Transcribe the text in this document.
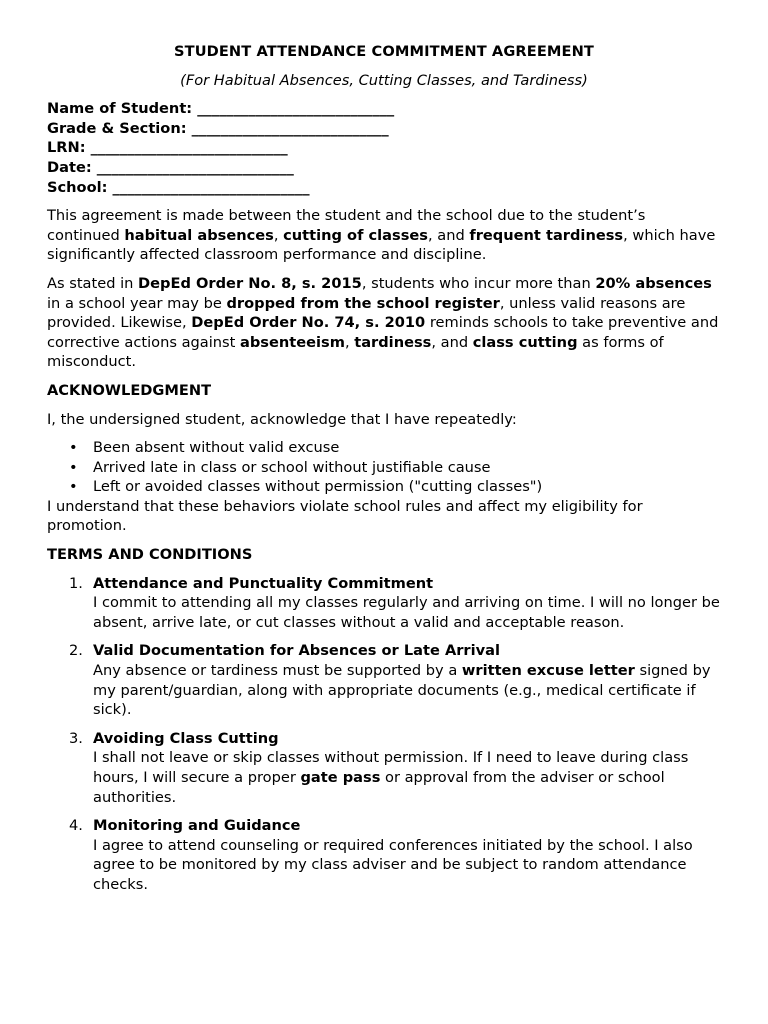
STUDENT ATTENDANCE COMMITMENT AGREEMENT
(For Habitual Absences, Cutting Classes, and Tardiness)
Name of Student: ___________________________
Grade & Section: ___________________________
LRN: ___________________________
Date: ___________________________
School: ___________________________

This agreement is made between the student and the school due to the student’s continued habitual absences, cutting of classes, and frequent tardiness, which have significantly affected classroom performance and discipline.

As stated in DepEd Order No. 8, s. 2015, students who incur more than 20% absences in a school year may be dropped from the school register, unless valid reasons are provided. Likewise, DepEd Order No. 74, s. 2010 reminds schools to take preventive and corrective actions against absenteeism, tardiness, and class cutting as forms of misconduct.

ACKNOWLEDGMENT

I, the undersigned student, acknowledge that I have repeatedly:

• Been absent without valid excuse
• Arrived late in class or school without justifiable cause
• Left or avoided classes without permission ("cutting classes")

I understand that these behaviors violate school rules and affect my eligibility for promotion.

TERMS AND CONDITIONS
1. Attendance and Punctuality Commitment
I commit to attending all my classes regularly and arriving on time. I will no longer be absent, arrive late, or cut classes without a valid and acceptable reason.
2. Valid Documentation for Absences or Late Arrival
Any absence or tardiness must be supported by a written excuse letter signed by my parent/guardian, along with appropriate documents (e.g., medical certificate if sick).
3. Avoiding Class Cutting
I shall not leave or skip classes without permission. If I need to leave during class hours, I will secure a proper gate pass or approval from the adviser or school authorities.
4. Monitoring and Guidance
I agree to attend counseling or required conferences initiated by the school. I also agree to be monitored by my class adviser and be subject to random attendance checks.
